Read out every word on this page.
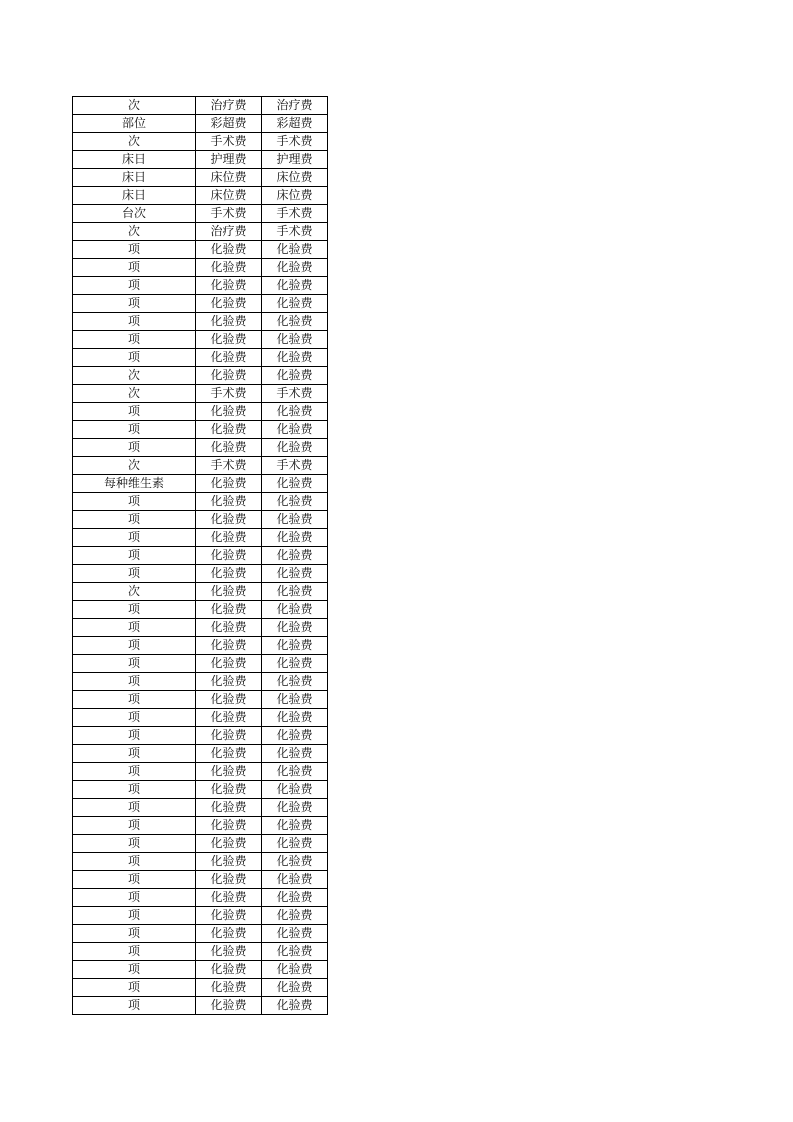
次	治疗费	治疗费
部位	彩超费	彩超费
次	手术费	手术费
床日	护理费	护理费
床日	床位费	床位费
床日	床位费	床位费
台次	手术费	手术费
次	治疗费	手术费
项	化验费	化验费
项	化验费	化验费
项	化验费	化验费
项	化验费	化验费
项	化验费	化验费
项	化验费	化验费
项	化验费	化验费
次	化验费	化验费
次	手术费	手术费
项	化验费	化验费
项	化验费	化验费
项	化验费	化验费
次	手术费	手术费
每种维生素	化验费	化验费
项	化验费	化验费
项	化验费	化验费
项	化验费	化验费
项	化验费	化验费
项	化验费	化验费
次	化验费	化验费
项	化验费	化验费
项	化验费	化验费
项	化验费	化验费
项	化验费	化验费
项	化验费	化验费
项	化验费	化验费
项	化验费	化验费
项	化验费	化验费
项	化验费	化验费
项	化验费	化验费
项	化验费	化验费
项	化验费	化验费
项	化验费	化验费
项	化验费	化验费
项	化验费	化验费
项	化验费	化验费
项	化验费	化验费
项	化验费	化验费
项	化验费	化验费
项	化验费	化验费
项	化验费	化验费
项	化验费	化验费
项	化验费	化验费
